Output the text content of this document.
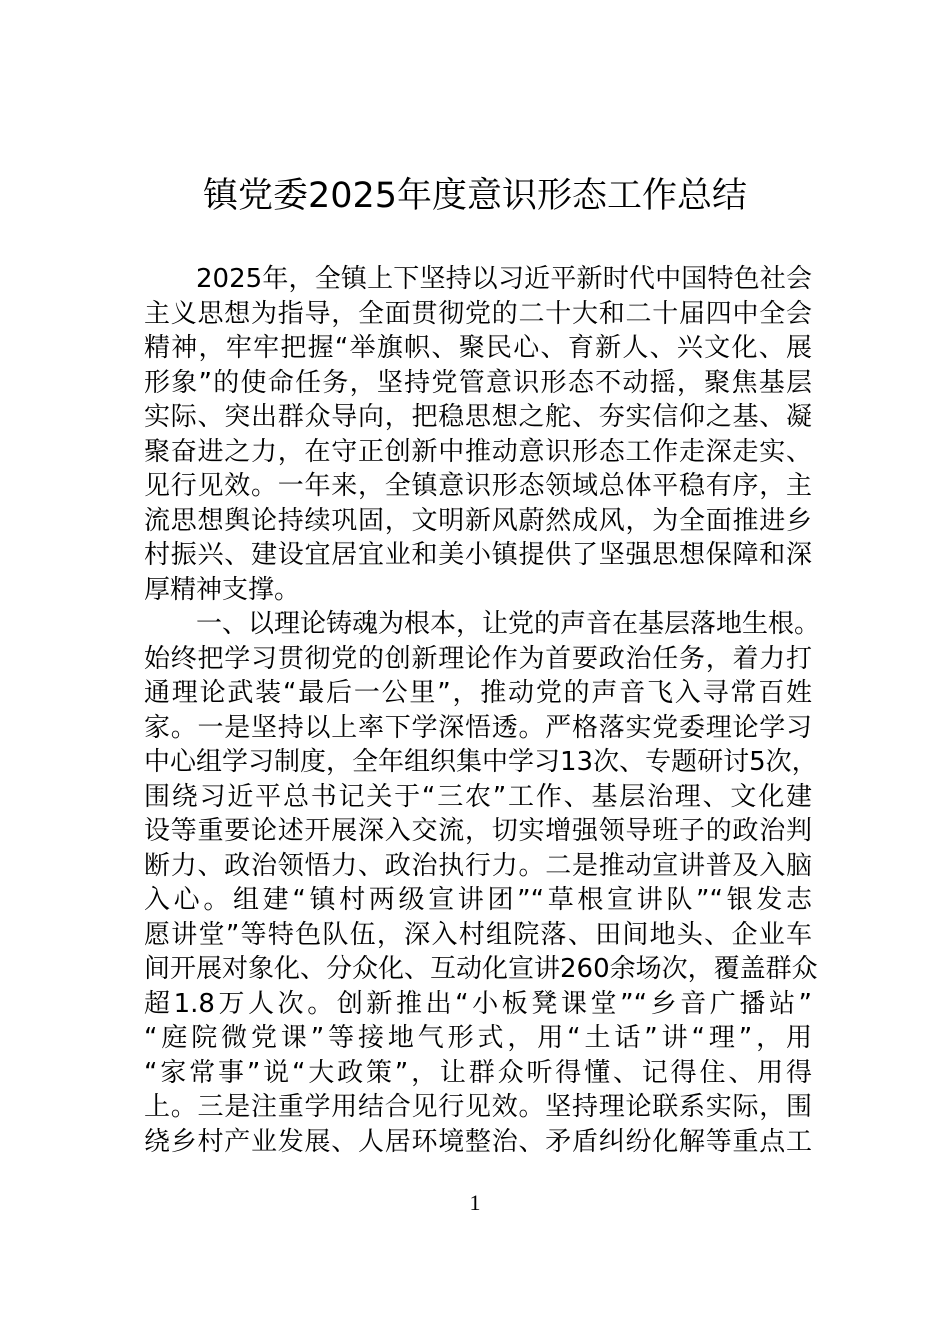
镇党委2025年度意识形态工作总结
2025年，全镇上下坚持以习近平新时代中国特色社会
主义思想为指导，全面贯彻党的二十大和二十届四中全会
精神，牢牢把握“举旗帜、聚民心、育新人、兴文化、展
形象”的使命任务，坚持党管意识形态不动摇，聚焦基层
实际、突出群众导向，把稳思想之舵、夯实信仰之基、凝
聚奋进之力，在守正创新中推动意识形态工作走深走实、
见行见效。一年来，全镇意识形态领域总体平稳有序，主
流思想舆论持续巩固，文明新风蔚然成风，为全面推进乡
村振兴、建设宜居宜业和美小镇提供了坚强思想保障和深
厚精神支撑。
一、以理论铸魂为根本，让党的声音在基层落地生根。
始终把学习贯彻党的创新理论作为首要政治任务，着力打
通理论武装“最后一公里”，推动党的声音飞入寻常百姓
家。一是坚持以上率下学深悟透。严格落实党委理论学习
中心组学习制度，全年组织集中学习13次、专题研讨5次，
围绕习近平总书记关于“三农”工作、基层治理、文化建
设等重要论述开展深入交流，切实增强领导班子的政治判
断力、政治领悟力、政治执行力。二是推动宣讲普及入脑
入心。组建“镇村两级宣讲团”“草根宣讲队”“银发志
愿讲堂”等特色队伍，深入村组院落、田间地头、企业车
间开展对象化、分众化、互动化宣讲260余场次，覆盖群众
超1.8万人次。创新推出“小板凳课堂”“乡音广播站”
“庭院微党课”等接地气形式，用“土话”讲“理”，用
“家常事”说“大政策”，让群众听得懂、记得住、用得
上。三是注重学用结合见行见效。坚持理论联系实际，围
绕乡村产业发展、人居环境整治、矛盾纠纷化解等重点工
1
